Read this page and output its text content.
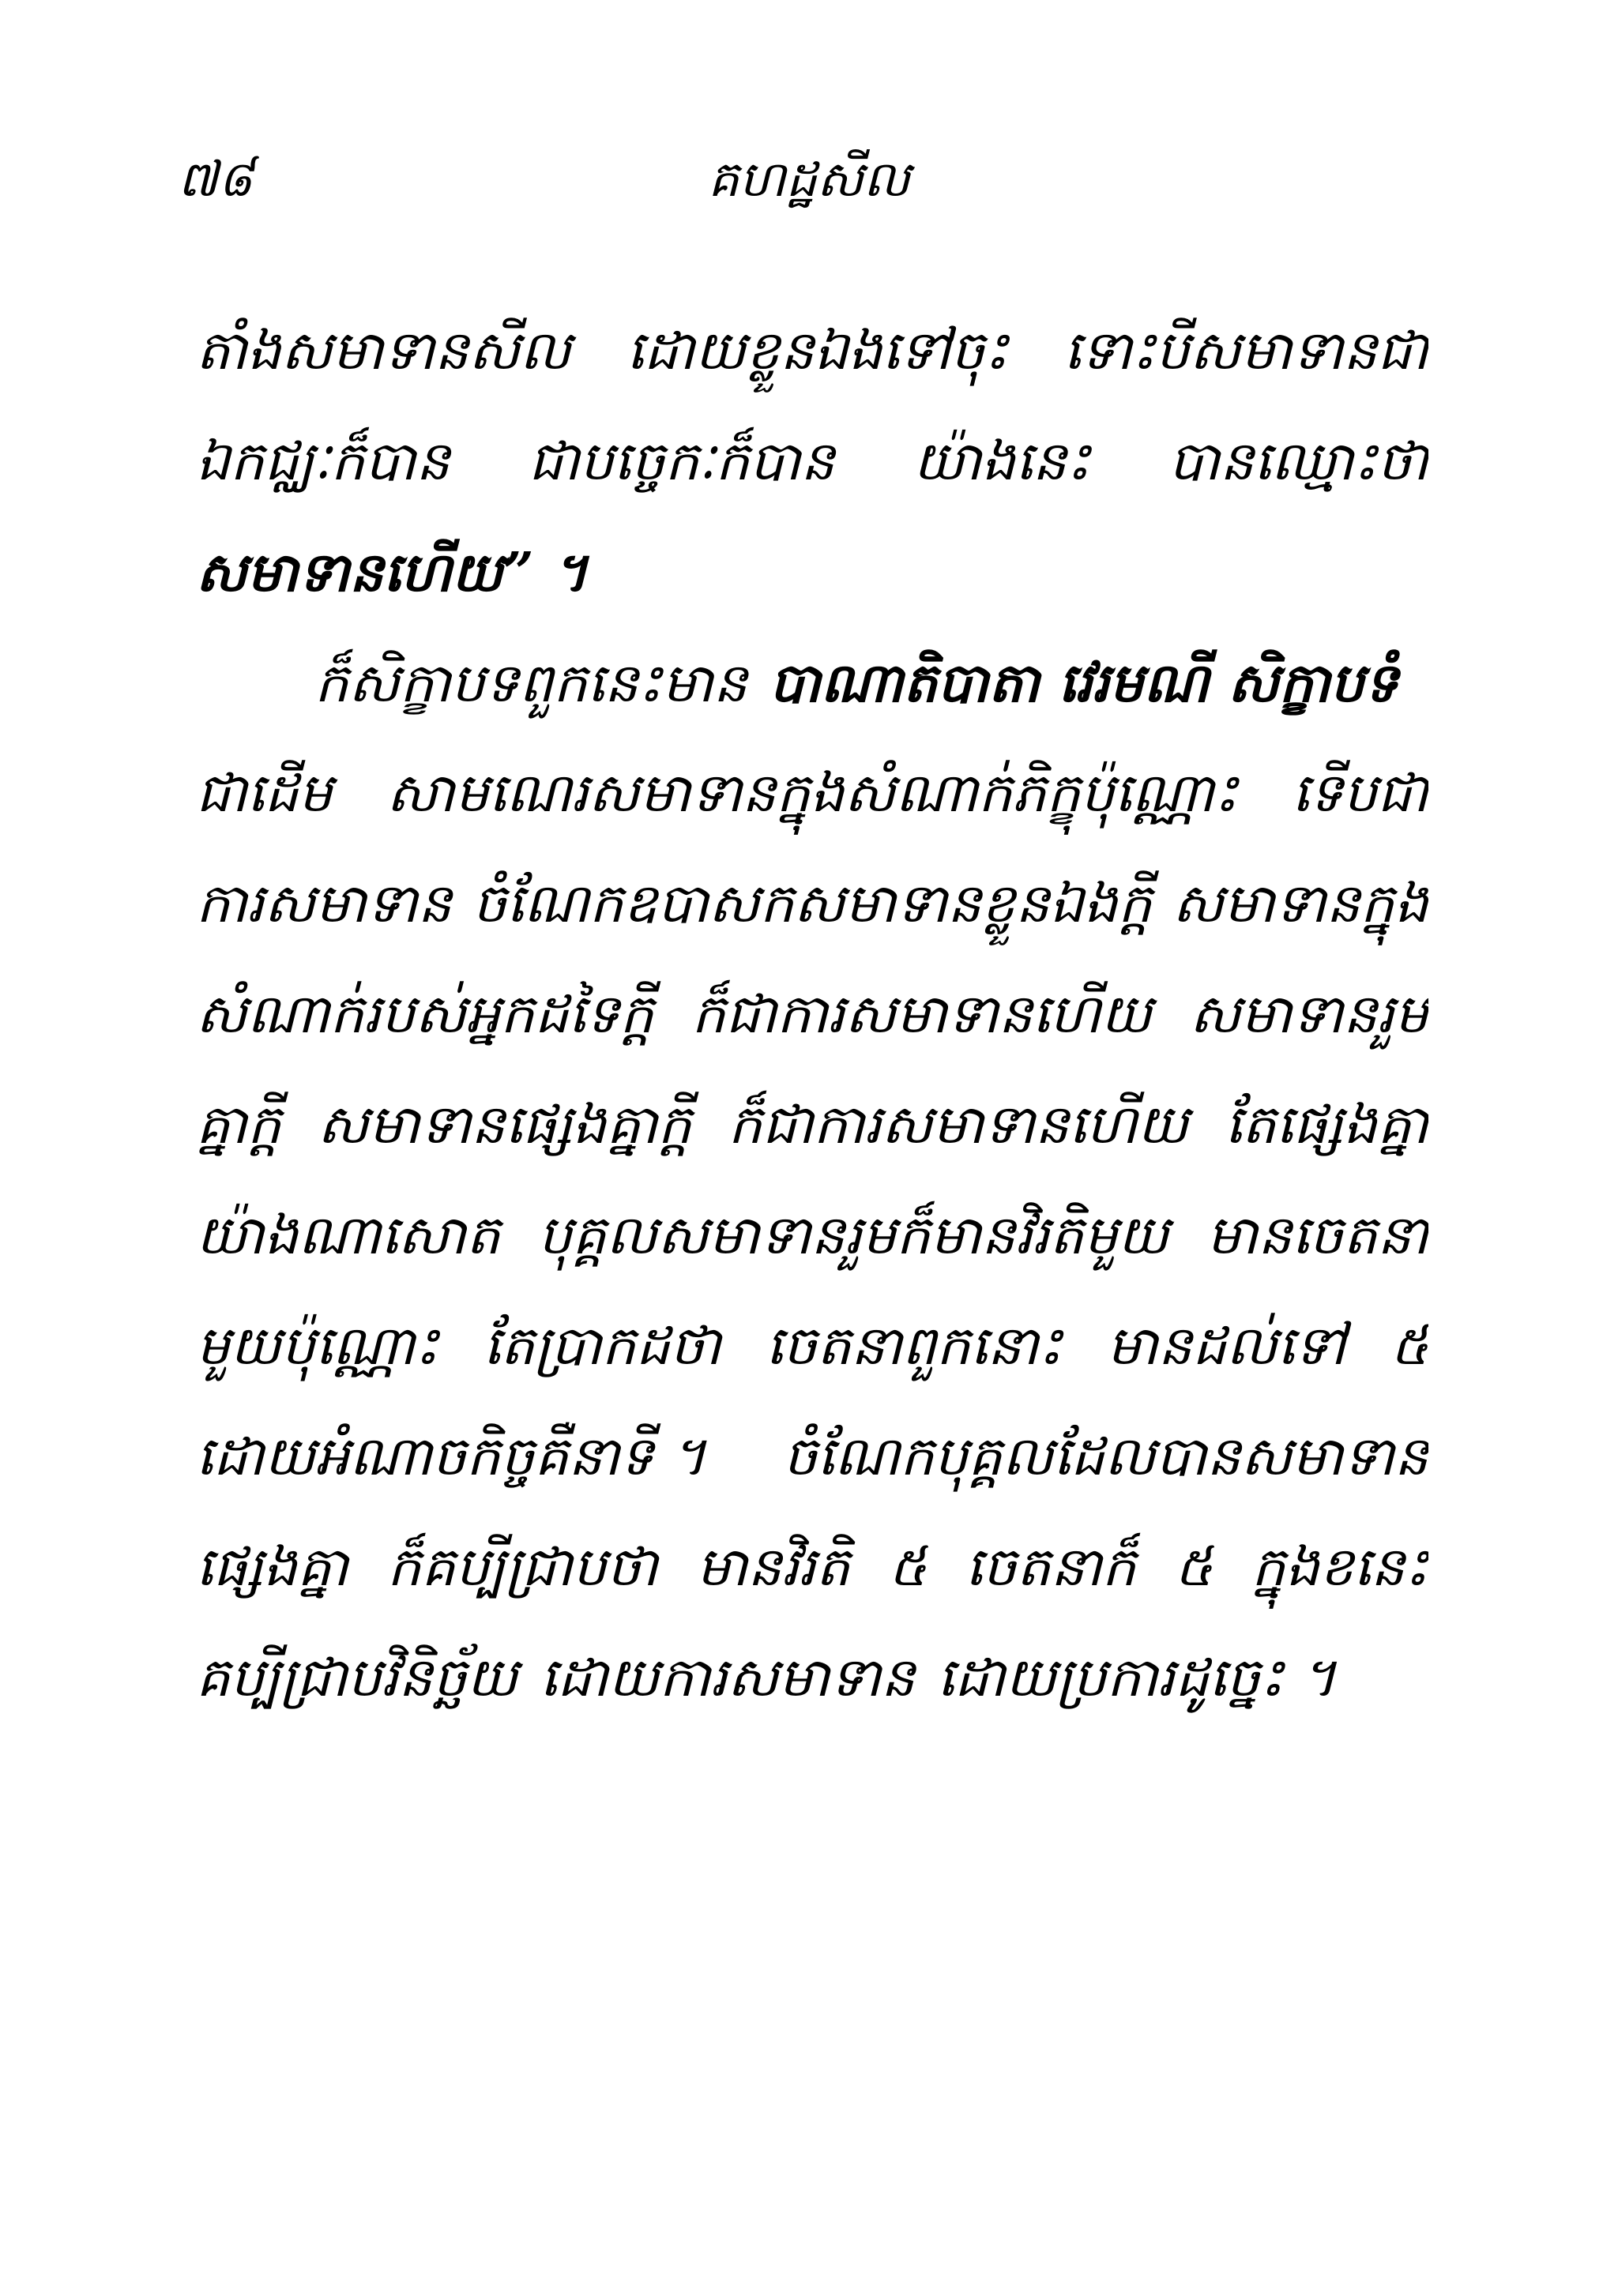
៧៨	គហដ្ឋសីល
តាំងសមាទានសីល ដោយខ្លួនឯងទៅចុះ ទោះបីសមាទានជា
ឯកជ្ឈៈក៏បាន ជាបច្ចេកៈក៏បាន យ៉ាងនេះ បានឈ្មោះថា
សមាទានហើយ” ។
ក៏សិក្ខាបទពួកនេះមាន បាណាតិបាតា វេរមណី សិក្ខាបទំ
ជាដើម សាមណេរសមាទានក្នុងសំណាក់ភិក្ខុប៉ុណ្ណោះ ទើបជា
ការសមាទាន ចំណែកឧបាសកសមាទានខ្លួនឯងក្តី សមាទានក្នុង
សំណាក់របស់អ្នកដទៃក្តី ក៏ជាការសមាទានហើយ សមាទានរួម
គ្នាក្តី សមាទានផ្សេងគ្នាក្តី ក៏ជាការសមាទានហើយ តែផ្សេងគ្នា
យ៉ាងណាសោត បុគ្គលសមាទានរួមក៏មានវិរតិមួយ មានចេតនា
មួយប៉ុណ្ណោះ តែប្រាកដថា ចេតនាពួកនោះ មានដល់ទៅ ៥
ដោយអំណាចកិច្ចគឺនាទី ។ ចំណែកបុគ្គលដែលបានសមាទាន
ផ្សេងគ្នា ក៏គប្បីជ្រាបថា មានវិរតិ ៥ ចេតនាក៏ ៥ ក្នុងខនេះ
គប្បីជ្រាបវិនិច្ឆ័យ ដោយការសមាទាន ដោយប្រការដូច្នេះ ។
